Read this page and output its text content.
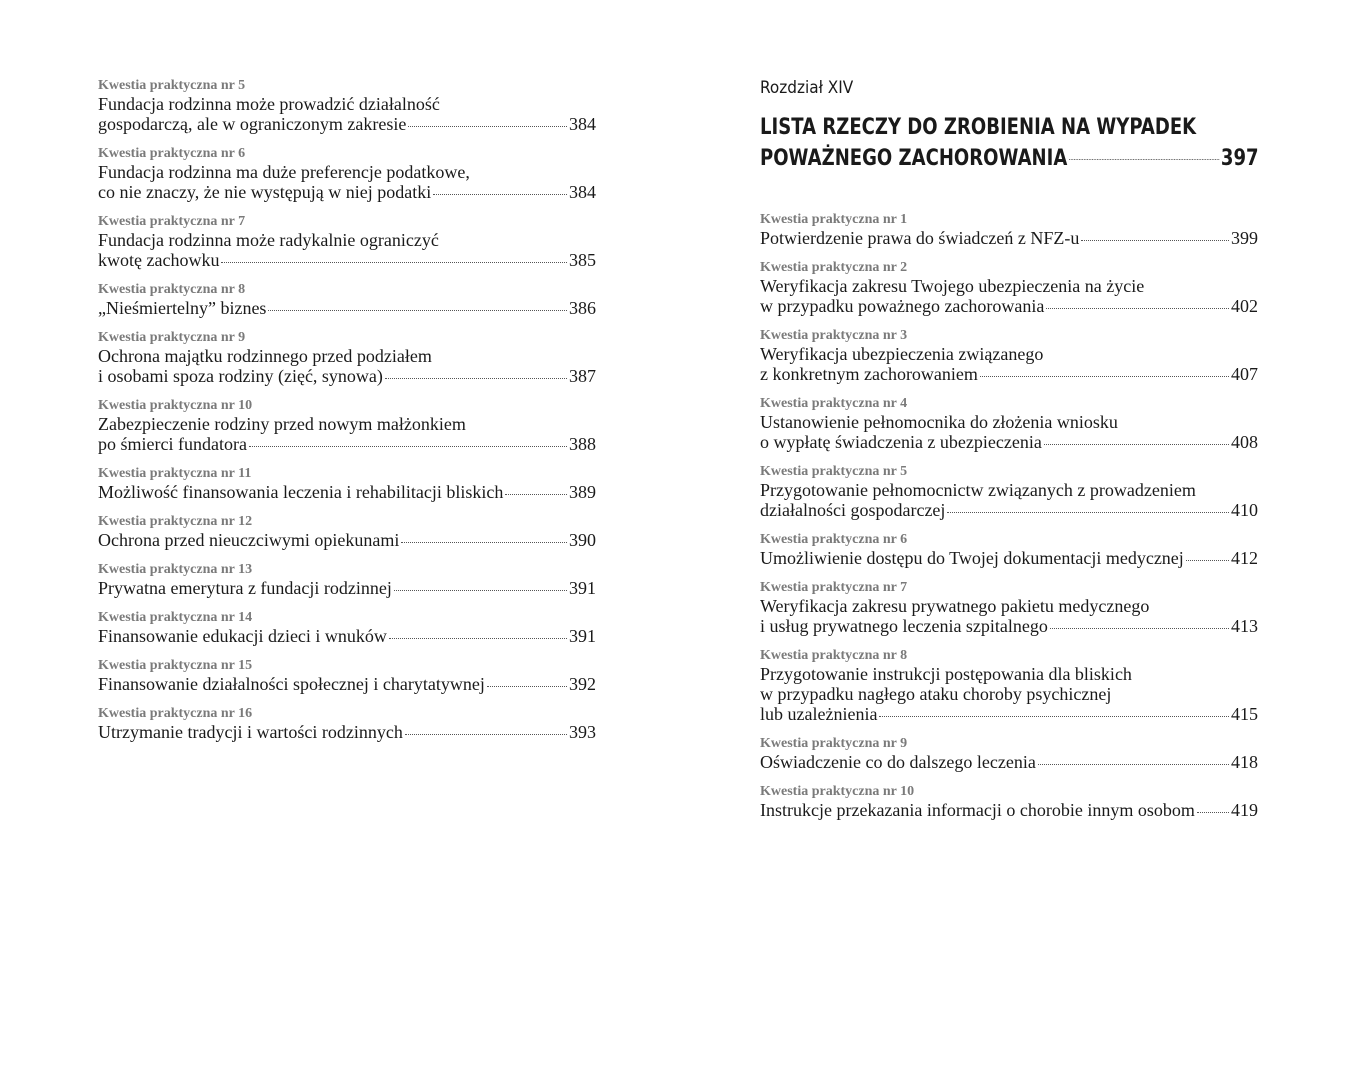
Kwestia praktyczna nr 5
Fundacja rodzinna może prowadzić działalność
gospodarczą, ale w ograniczonym zakresie	384
Kwestia praktyczna nr 6
Fundacja rodzinna ma duże preferencje podatkowe,
co nie znaczy, że nie występują w niej podatki	384
Kwestia praktyczna nr 7
Fundacja rodzinna może radykalnie ograniczyć
kwotę zachowku	385
Kwestia praktyczna nr 8
„Nieśmiertelny” biznes	386
Kwestia praktyczna nr 9
Ochrona majątku rodzinnego przed podziałem
i osobami spoza rodziny (zięć, synowa)	387
Kwestia praktyczna nr 10
Zabezpieczenie rodziny przed nowym małżonkiem
po śmierci fundatora	388
Kwestia praktyczna nr 11
Możliwość finansowania leczenia i rehabilitacji bliskich	389
Kwestia praktyczna nr 12
Ochrona przed nieuczciwymi opiekunami	390
Kwestia praktyczna nr 13
Prywatna emerytura z fundacji rodzinnej	391
Kwestia praktyczna nr 14
Finansowanie edukacji dzieci i wnuków	391
Kwestia praktyczna nr 15
Finansowanie działalności społecznej i charytatywnej	392
Kwestia praktyczna nr 16
Utrzymanie tradycji i wartości rodzinnych	393
Rozdział XIV
LISTA RZECZY DO ZROBIENIA NA WYPADEK
POWAŻNEGO ZACHOROWANIA	397
Kwestia praktyczna nr 1
Potwierdzenie prawa do świadczeń z NFZ-u	399
Kwestia praktyczna nr 2
Weryfikacja zakresu Twojego ubezpieczenia na życie
w przypadku poważnego zachorowania	402
Kwestia praktyczna nr 3
Weryfikacja ubezpieczenia związanego
z konkretnym zachorowaniem	407
Kwestia praktyczna nr 4
Ustanowienie pełnomocnika do złożenia wniosku
o wypłatę świadczenia z ubezpieczenia	408
Kwestia praktyczna nr 5
Przygotowanie pełnomocnictw związanych z prowadzeniem
działalności gospodarczej	410
Kwestia praktyczna nr 6
Umożliwienie dostępu do Twojej dokumentacji medycznej	412
Kwestia praktyczna nr 7
Weryfikacja zakresu prywatnego pakietu medycznego
i usług prywatnego leczenia szpitalnego	413
Kwestia praktyczna nr 8
Przygotowanie instrukcji postępowania dla bliskich
w przypadku nagłego ataku choroby psychicznej
lub uzależnienia	415
Kwestia praktyczna nr 9
Oświadczenie co do dalszego leczenia	418
Kwestia praktyczna nr 10
Instrukcje przekazania informacji o chorobie innym osobom 419
